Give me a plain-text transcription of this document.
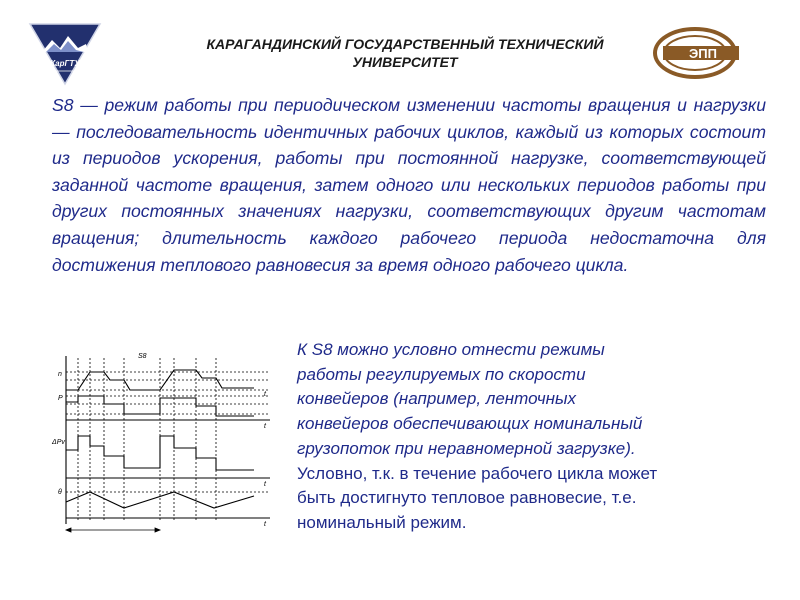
КарГТУ
КАРАГАНДИНСКИЙ ГОСУДАРСТВЕННЫЙ ТЕХНИЧЕСКИЙ
УНИВЕРСИТЕТ
ЭПП

S8 — режим работы при периодическом изменении частоты вращения и нагрузки — последовательность идентичных рабочих циклов, каждый из которых состоит из периодов ускорения, работы при постоянной нагрузке, соответствующей заданной частоте вращения, затем одного или нескольких периодов работы при других постоянных значениях нагрузки, соответствующих другим частотам вращения; длительность каждого рабочего периода недостаточна для достижения теплового равновесия за время одного рабочего цикла.

S8
n
P
ΔPv
θ
t
t
t
t
К S8 можно условно отнести режимы
работы регулируемых по скорости
конвейеров (например, ленточных
конвейеров обеспечивающих номинальный
грузопоток при неравномерной загрузке).
Условно, т.к. в течение рабочего цикла может
быть достигнуто тепловое равновесие, т.е.
номинальный режим.
